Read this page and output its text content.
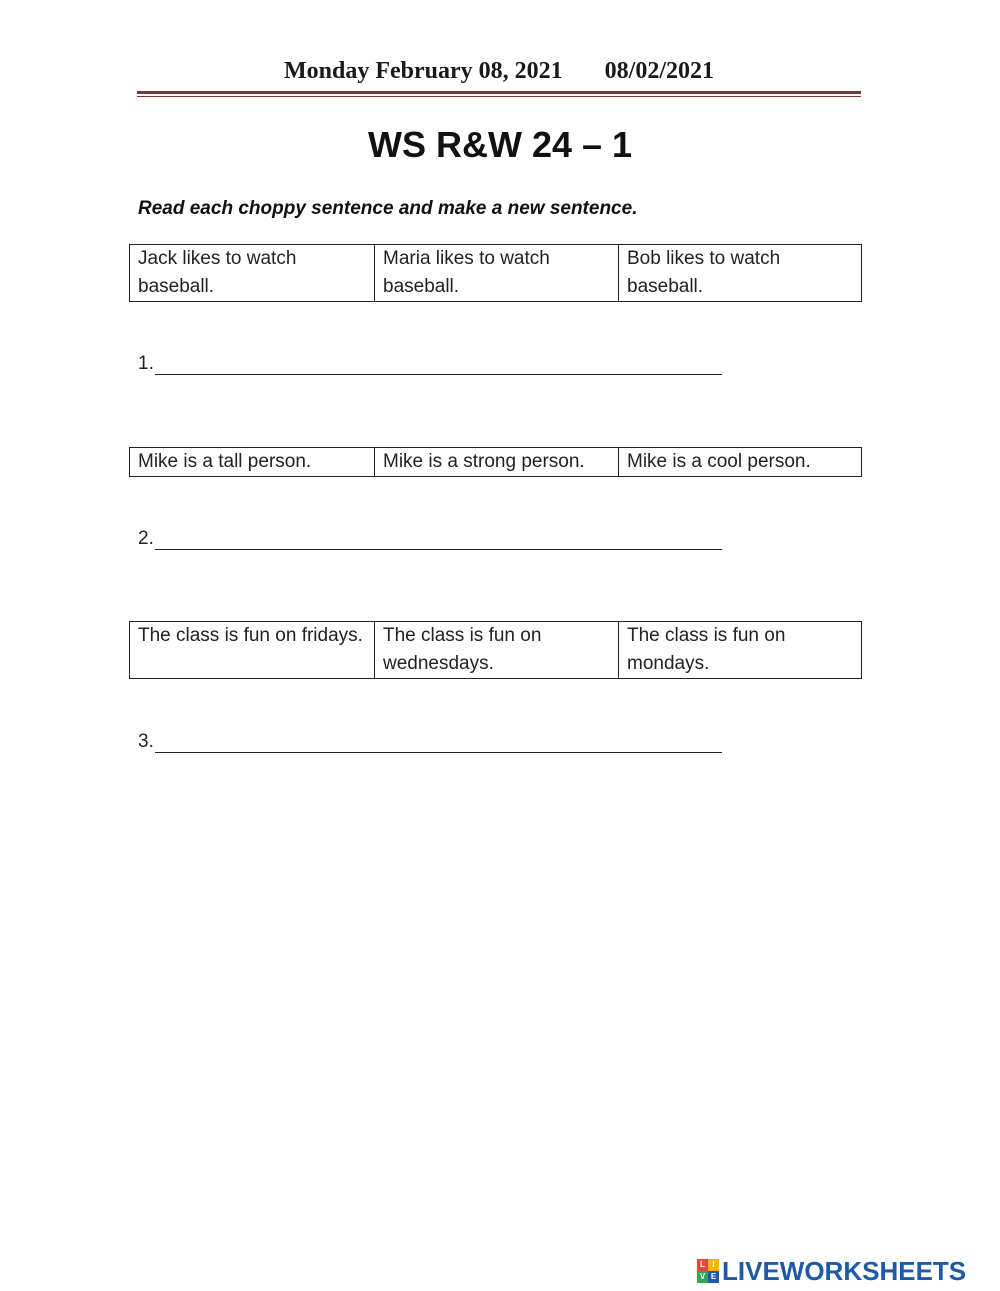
Monday February 08, 2021       08/02/2021
WS R&W 24 – 1
Read each choppy sentence and make a new sentence.
Jack likes to watch baseball.	Maria likes to watch baseball.	Bob likes to watch baseball.
1.
Mike is a tall person.	Mike is a strong person.	Mike is a cool person.
2.
The class is fun on fridays.	The class is fun on wednesdays.	The class is fun on mondays.
3.
L I
V E LIVEWORKSHEETS
